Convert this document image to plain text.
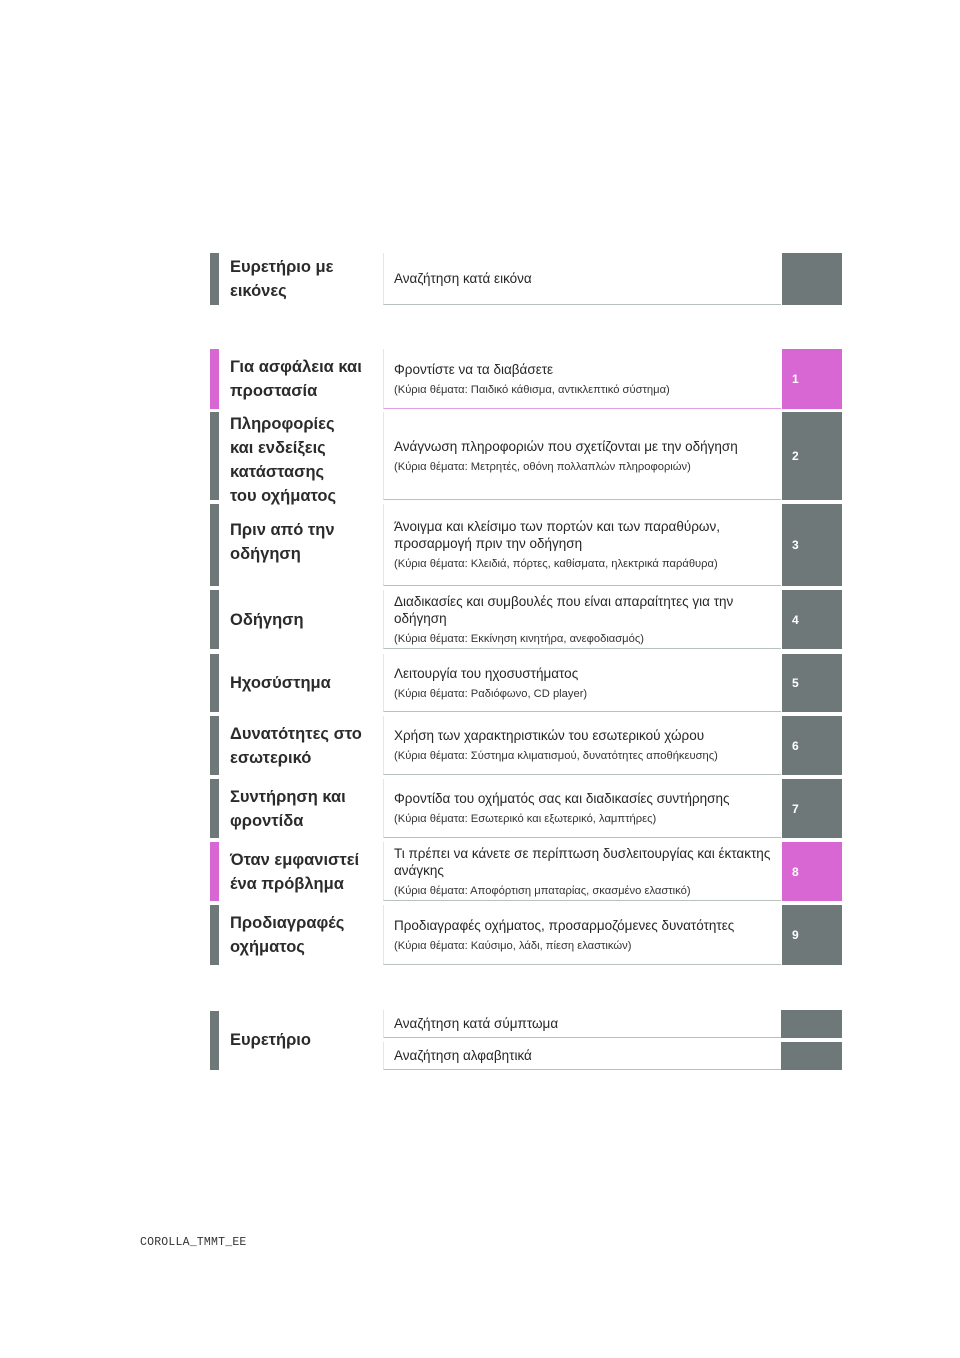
Ευρετήριο με
εικόνες
Αναζήτηση κατά εικόνα
Για ασφάλεια και
προστασία
Φροντίστε να τα διαβάσετε
(Κύρια θέματα: Παιδικό κάθισμα, αντικλεπτικό σύστημα)
1
Πληροφορίες
και ενδείξεις
κατάστασης
του οχήματος
Ανάγνωση πληροφοριών που σχετίζονται με την οδήγηση
(Κύρια θέματα: Μετρητές, οθόνη πολλαπλών πληροφοριών)
2
Πριν από την
οδήγηση
Άνοιγμα και κλείσιμο των πορτών και των παραθύρων, προσαρμογή πριν την οδήγηση
(Κύρια θέματα: Κλειδιά, πόρτες, καθίσματα, ηλεκτρικά παράθυρα)
3
Οδήγηση
Διαδικασίες και συμβουλές που είναι απαραίτητες για την οδήγηση
(Κύρια θέματα: Εκκίνηση κινητήρα, ανεφοδιασμός)
4
Ηχοσύστημα
Λειτουργία του ηχοσυστήματος
(Κύρια θέματα: Ραδιόφωνο, CD player)
5
Δυνατότητες στο
εσωτερικό
Χρήση των χαρακτηριστικών του εσωτερικού χώρου
(Κύρια θέματα: Σύστημα κλιματισμού, δυνατότητες αποθήκευσης)
6
Συντήρηση και
φροντίδα
Φροντίδα του οχήματός σας και διαδικασίες συντήρησης
(Κύρια θέματα: Εσωτερικό και εξωτερικό, λαμπτήρες)
7
Όταν εμφανιστεί
ένα πρόβλημα
Τι πρέπει να κάνετε σε περίπτωση δυσλειτουργίας και έκτακτης ανάγκης
(Κύρια θέματα: Αποφόρτιση μπαταρίας, σκασμένο ελαστικό)
8
Προδιαγραφές
οχήματος
Προδιαγραφές οχήματος, προσαρμοζόμενες δυνατότητες
(Κύρια θέματα: Καύσιμο, λάδι, πίεση ελαστικών)
9
Ευρετήριο
Αναζήτηση κατά σύμπτωμα
Αναζήτηση αλφαβητικά
COROLLA_TMMT_EE
